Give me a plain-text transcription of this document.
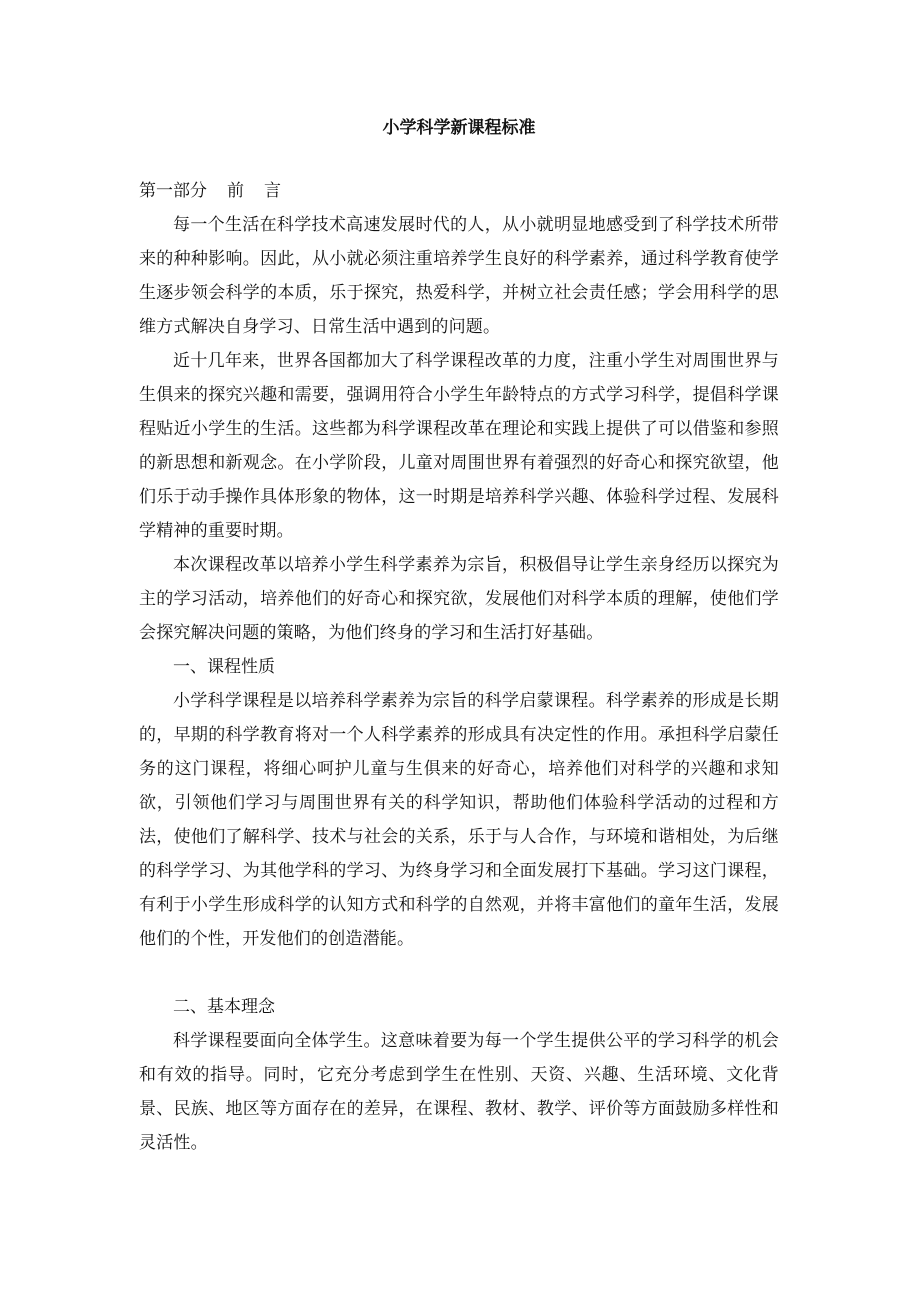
小学科学新课程标准

第一部分 前 言

每一个生活在科学技术高速发展时代的人，从小就明显地感受到了科学技术所带来的种种影响。因此，从小就必须注重培养学生良好的科学素养，通过科学教育使学生逐步领会科学的本质，乐于探究，热爱科学，并树立社会责任感；学会用科学的思维方式解决自身学习、日常生活中遇到的问题。

近十几年来，世界各国都加大了科学课程改革的力度，注重小学生对周围世界与生俱来的探究兴趣和需要，强调用符合小学生年龄特点的方式学习科学，提倡科学课程贴近小学生的生活。这些都为科学课程改革在理论和实践上提供了可以借鉴和参照的新思想和新观念。在小学阶段，儿童对周围世界有着强烈的好奇心和探究欲望，他们乐于动手操作具体形象的物体，这一时期是培养科学兴趣、体验科学过程、发展科学精神的重要时期。

本次课程改革以培养小学生科学素养为宗旨，积极倡导让学生亲身经历以探究为主的学习活动，培养他们的好奇心和探究欲，发展他们对科学本质的理解，使他们学会探究解决问题的策略，为他们终身的学习和生活打好基础。

一、课程性质

小学科学课程是以培养科学素养为宗旨的科学启蒙课程。科学素养的形成是长期的，早期的科学教育将对一个人科学素养的形成具有决定性的作用。承担科学启蒙任务的这门课程，将细心呵护儿童与生俱来的好奇心，培养他们对科学的兴趣和求知欲，引领他们学习与周围世界有关的科学知识，帮助他们体验科学活动的过程和方法，使他们了解科学、技术与社会的关系，乐于与人合作，与环境和谐相处，为后继的科学学习、为其他学科的学习、为终身学习和全面发展打下基础。学习这门课程，有利于小学生形成科学的认知方式和科学的自然观，并将丰富他们的童年生活，发展他们的个性，开发他们的创造潜能。

二、基本理念

科学课程要面向全体学生。这意味着要为每一个学生提供公平的学习科学的机会和有效的指导。同时，它充分考虑到学生在性别、天资、兴趣、生活环境、文化背景、民族、地区等方面存在的差异，在课程、教材、教学、评价等方面鼓励多样性和灵活性。
